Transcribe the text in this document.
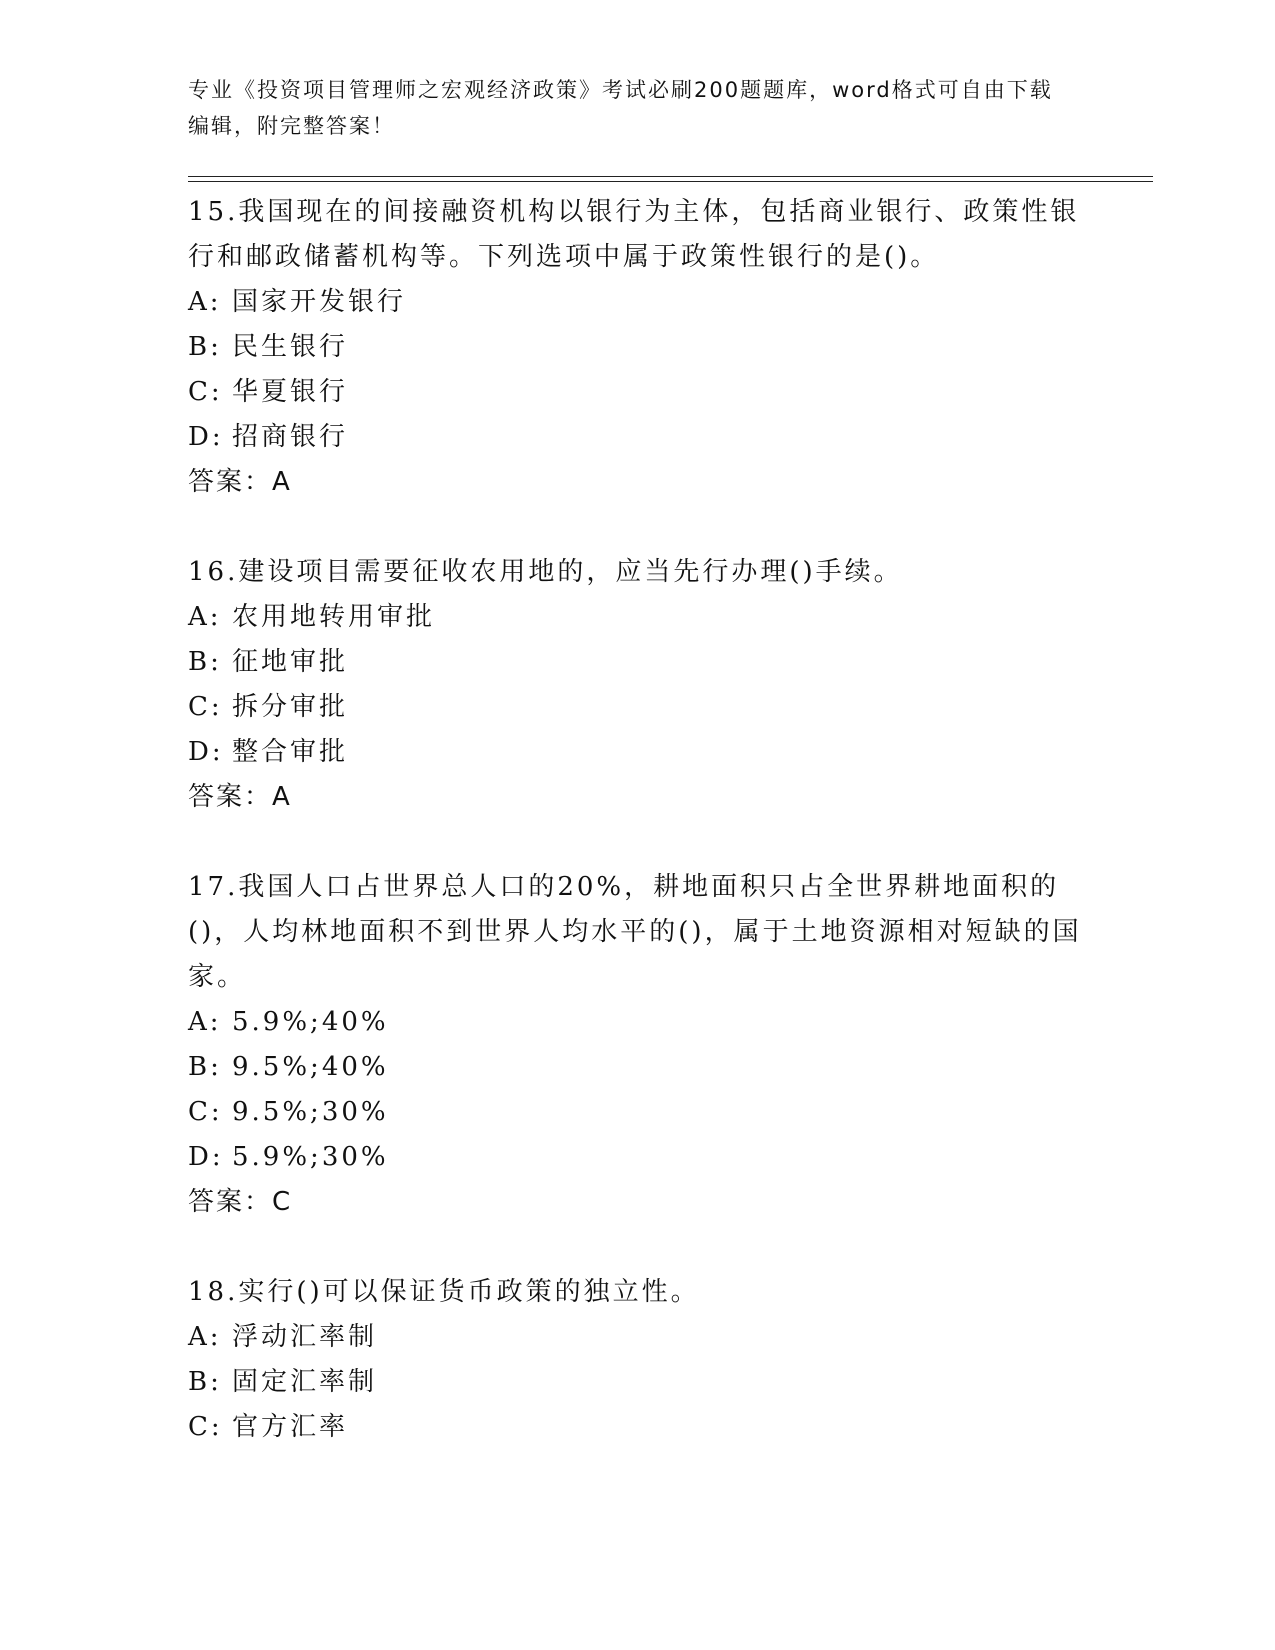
专业《投资项目管理师之宏观经济政策》考试必刷200题题库，word格式可自由下载编辑，附完整答案！

15.我国现在的间接融资机构以银行为主体，包括商业银行、政策性银行和邮政储蓄机构等。下列选项中属于政策性银行的是()。

A: 国家开发银行
B: 民生银行
C: 华夏银行
D: 招商银行
答案：A

16.建设项目需要征收农用地的，应当先行办理()手续。

A: 农用地转用审批
B: 征地审批
C: 拆分审批
D: 整合审批
答案：A

17.我国人口占世界总人口的20%，耕地面积只占全世界耕地面积的()，人均林地面积不到世界人均水平的()，属于土地资源相对短缺的国家。

A: 5.9%;40%
B: 9.5%;40%
C: 9.5%;30%
D: 5.9%;30%
答案：C

18.实行()可以保证货币政策的独立性。

A: 浮动汇率制
B: 固定汇率制
C: 官方汇率
